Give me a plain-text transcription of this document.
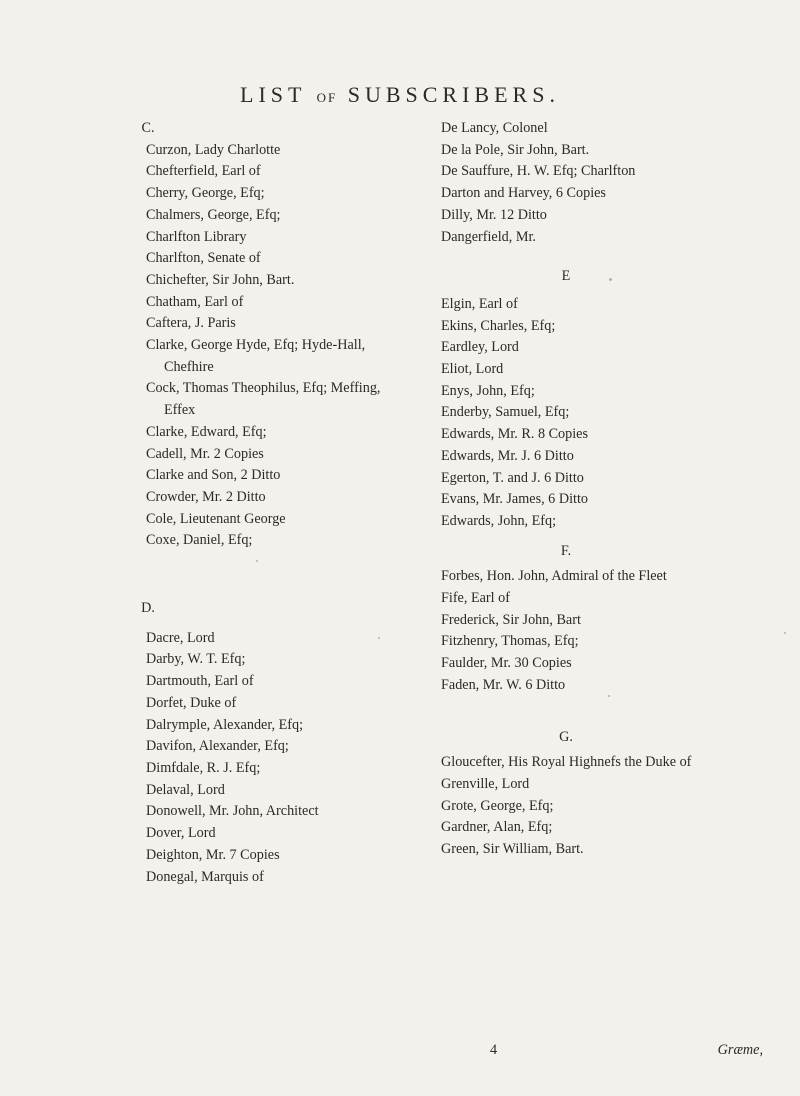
LIST OF SUBSCRIBERS.

C.

Curzon, Lady Charlotte

Chefterfield, Earl of

Cherry, George, Efq;

Chalmers, George, Efq;

Charlfton Library

Charlfton, Senate of

Chichefter, Sir John, Bart.

Chatham, Earl of

Caftera, J. Paris

Clarke, George Hyde, Efq; Hyde-Hall,

Chefhire

Cock, Thomas Theophilus, Efq; Meffing,

Effex

Clarke, Edward, Efq;

Cadell, Mr. 2 Copies

Clarke and Son, 2 Ditto

Crowder, Mr. 2 Ditto

Cole, Lieutenant George

Coxe, Daniel, Efq;

D.

Dacre, Lord

Darby, W. T. Efq;

Dartmouth, Earl of

Dorfet, Duke of

Dalrymple, Alexander, Efq;

Davifon, Alexander, Efq;

Dimfdale, R. J. Efq;

Delaval, Lord

Donowell, Mr. John, Architect

Dover, Lord

Deighton, Mr. 7 Copies

Donegal, Marquis of

De Lancy, Colonel

De la Pole, Sir John, Bart.

De Sauffure, H. W. Efq; Charlfton

Darton and Harvey, 6 Copies

Dilly, Mr. 12 Ditto

Dangerfield, Mr.

E

Elgin, Earl of

Ekins, Charles, Efq;

Eardley, Lord

Eliot, Lord

Enys, John, Efq;

Enderby, Samuel, Efq;

Edwards, Mr. R. 8 Copies

Edwards, Mr. J. 6 Ditto

Egerton, T. and J. 6 Ditto

Evans, Mr. James, 6 Ditto

Edwards, John, Efq;

F.

Forbes, Hon. John, Admiral of the Fleet

Fife, Earl of

Frederick, Sir John, Bart

Fitzhenry, Thomas, Efq;

Faulder, Mr. 30 Copies

Faden, Mr. W. 6 Ditto

G.

Gloucefter, His Royal Highnefs the Duke of

Grenville, Lord

Grote, George, Efq;

Gardner, Alan, Efq;

Green, Sir William, Bart.

4	Græme,
